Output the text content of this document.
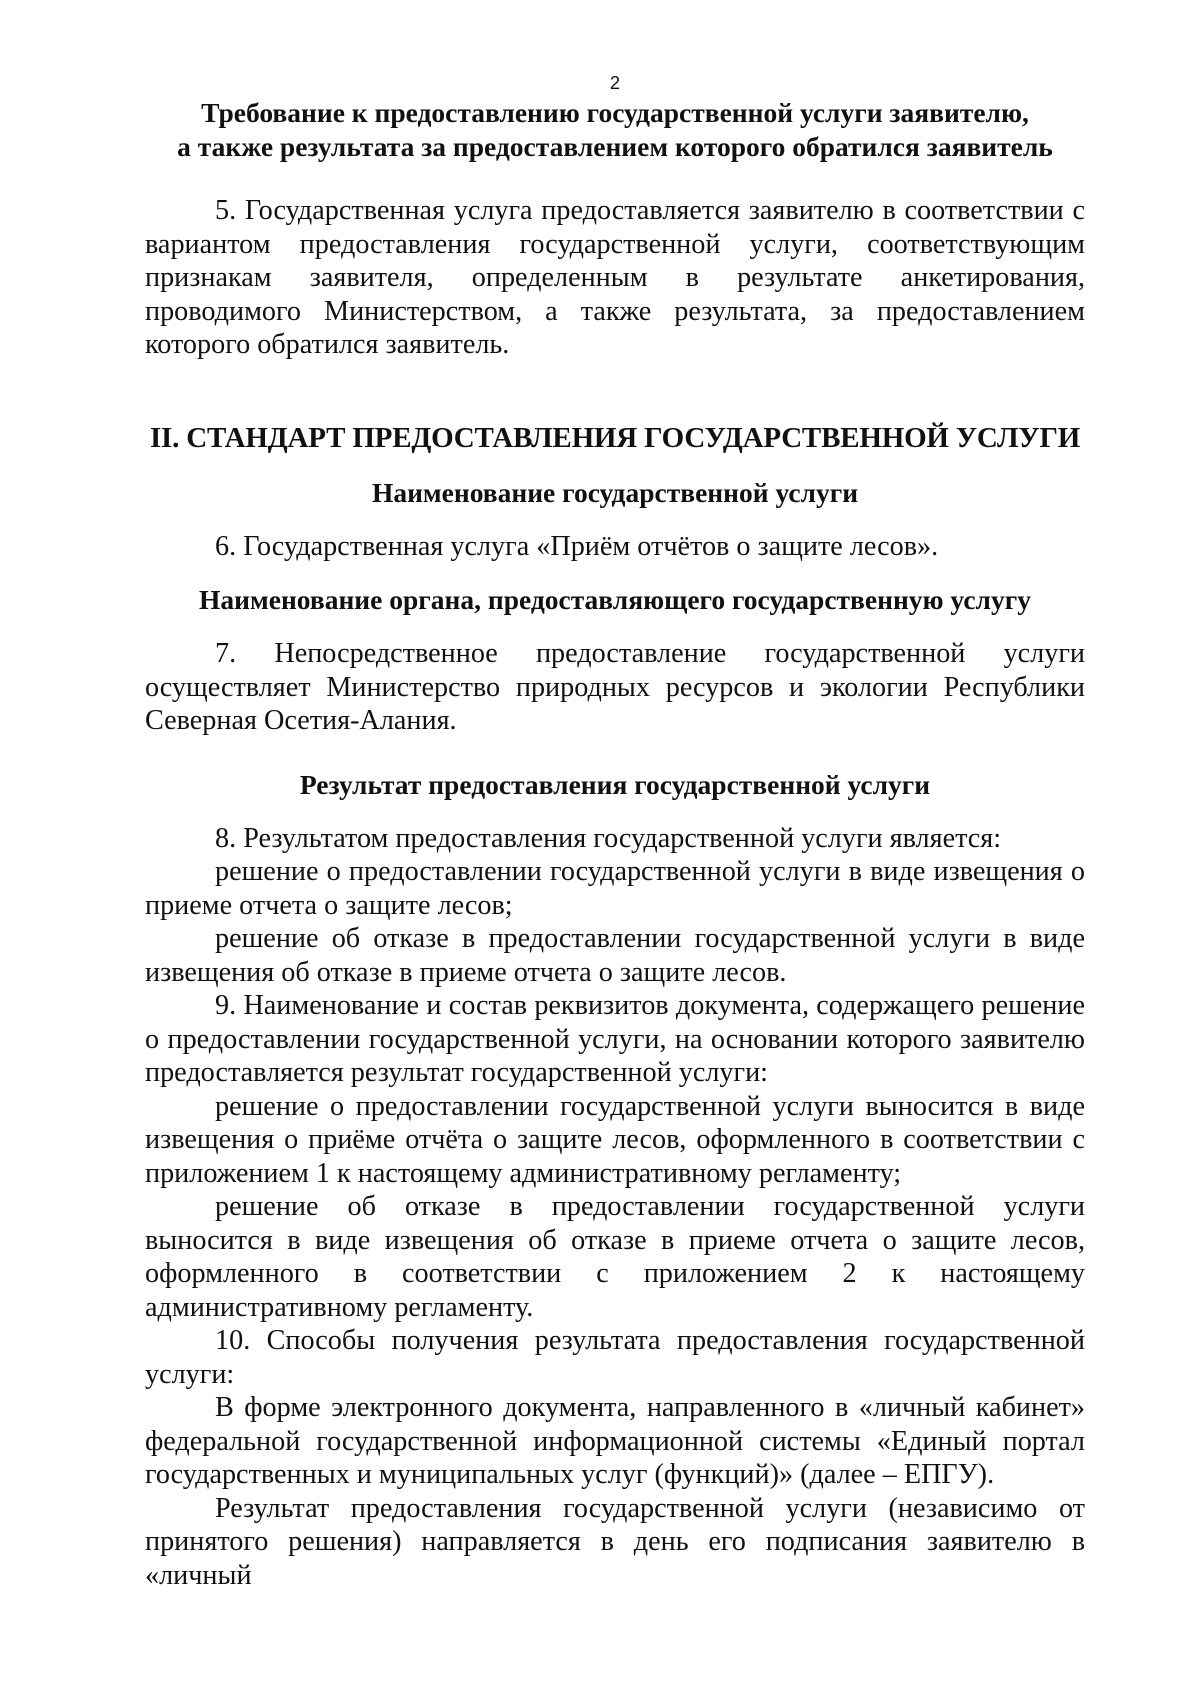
2
Требование к предоставлению государственной услуги заявителю,
а также результата за предоставлением которого обратился заявитель

5. Государственная услуга предоставляется заявителю в соответствии с вариантом предоставления государственной услуги, соответствующим признакам заявителя, определенным в результате анкетирования, проводимого Министерством, а также результата, за предоставлением которого обратился заявитель.

II. СТАНДАРТ ПРЕДОСТАВЛЕНИЯ ГОСУДАРСТВЕННОЙ УСЛУГИ
Наименование государственной услуги

6. Государственная услуга «Приём отчётов о защите лесов».

Наименование органа, предоставляющего государственную услугу

7. Непосредственное предоставление государственной услуги осуществляет Министерство природных ресурсов и экологии Республики Северная Осетия-Алания.

Результат предоставления государственной услуги

8. Результатом предоставления государственной услуги является:

решение о предоставлении государственной услуги в виде извещения о приеме отчета о защите лесов;

решение об отказе в предоставлении государственной услуги в виде извещения об отказе в приеме отчета о защите лесов.

9. Наименование и состав реквизитов документа, содержащего решение о предоставлении государственной услуги, на основании которого заявителю предоставляется результат государственной услуги:

решение о предоставлении государственной услуги выносится в виде извещения о приёме отчёта о защите лесов, оформленного в соответствии с приложением 1 к настоящему административному регламенту;

решение об отказе в предоставлении государственной услуги выносится в виде извещения об отказе в приеме отчета о защите лесов, оформленного в соответствии с приложением 2 к настоящему административному регламенту.

10. Способы получения результата предоставления государственной услуги:

В форме электронного документа, направленного в «личный кабинет» федеральной государственной информационной системы «Единый портал государственных и муниципальных услуг (функций)» (далее – ЕПГУ).

Результат предоставления государственной услуги (независимо от принятого решения) направляется в день его подписания заявителю в «личный
